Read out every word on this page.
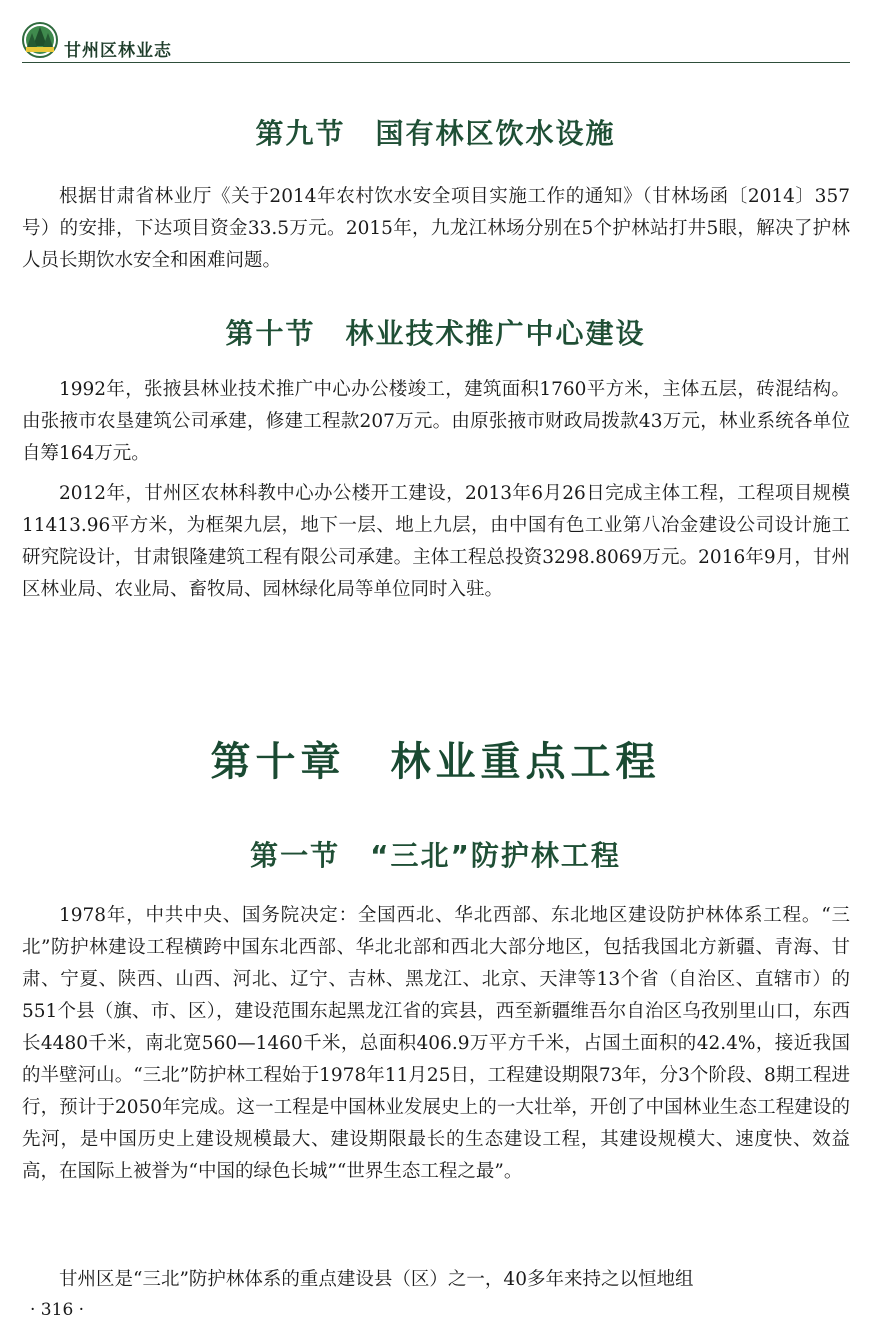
甘州区林业志
第九节　国有林区饮水设施

根据甘肃省林业厅《关于2014年农村饮水安全项目实施工作的通知》（甘林场函〔2014〕357号）的安排，下达项目资金33.5万元。2015年，九龙江林场分别在5个护林站打井5眼，解决了护林人员长期饮水安全和困难问题。

第十节　林业技术推广中心建设

1992年，张掖县林业技术推广中心办公楼竣工，建筑面积1760平方米，主体五层，砖混结构。由张掖市农垦建筑公司承建，修建工程款207万元。由原张掖市财政局拨款43万元，林业系统各单位自筹164万元。

2012年，甘州区农林科教中心办公楼开工建设，2013年6月26日完成主体工程，工程项目规模11413.96平方米，为框架九层，地下一层、地上九层，由中国有色工业第八冶金建设公司设计施工研究院设计，甘肃银隆建筑工程有限公司承建。主体工程总投资3298.8069万元。2016年9月，甘州区林业局、农业局、畜牧局、园林绿化局等单位同时入驻。

第十章　林业重点工程
第一节　“三北”防护林工程

1978年，中共中央、国务院决定：全国西北、华北西部、东北地区建设防护林体系工程。“三北”防护林建设工程横跨中国东北西部、华北北部和西北大部分地区，包括我国北方新疆、青海、甘肃、宁夏、陕西、山西、河北、辽宁、吉林、黑龙江、北京、天津等13个省（自治区、直辖市）的551个县（旗、市、区），建设范围东起黑龙江省的宾县，西至新疆维吾尔自治区乌孜别里山口，东西长4480千米，南北宽560—1460千米，总面积406.9万平方千米，占国土面积的42.4%，接近我国的半壁河山。“三北”防护林工程始于1978年11月25日，工程建设期限73年，分3个阶段、8期工程进行，预计于2050年完成。这一工程是中国林业发展史上的一大壮举，开创了中国林业生态工程建设的先河，是中国历史上建设规模最大、建设期限最长的生态建设工程，其建设规模大、速度快、效益高，在国际上被誉为“中国的绿色长城”“世界生态工程之最”。

甘州区是“三北”防护林体系的重点建设县（区）之一，40多年来持之以恒地组

· 316 ·
